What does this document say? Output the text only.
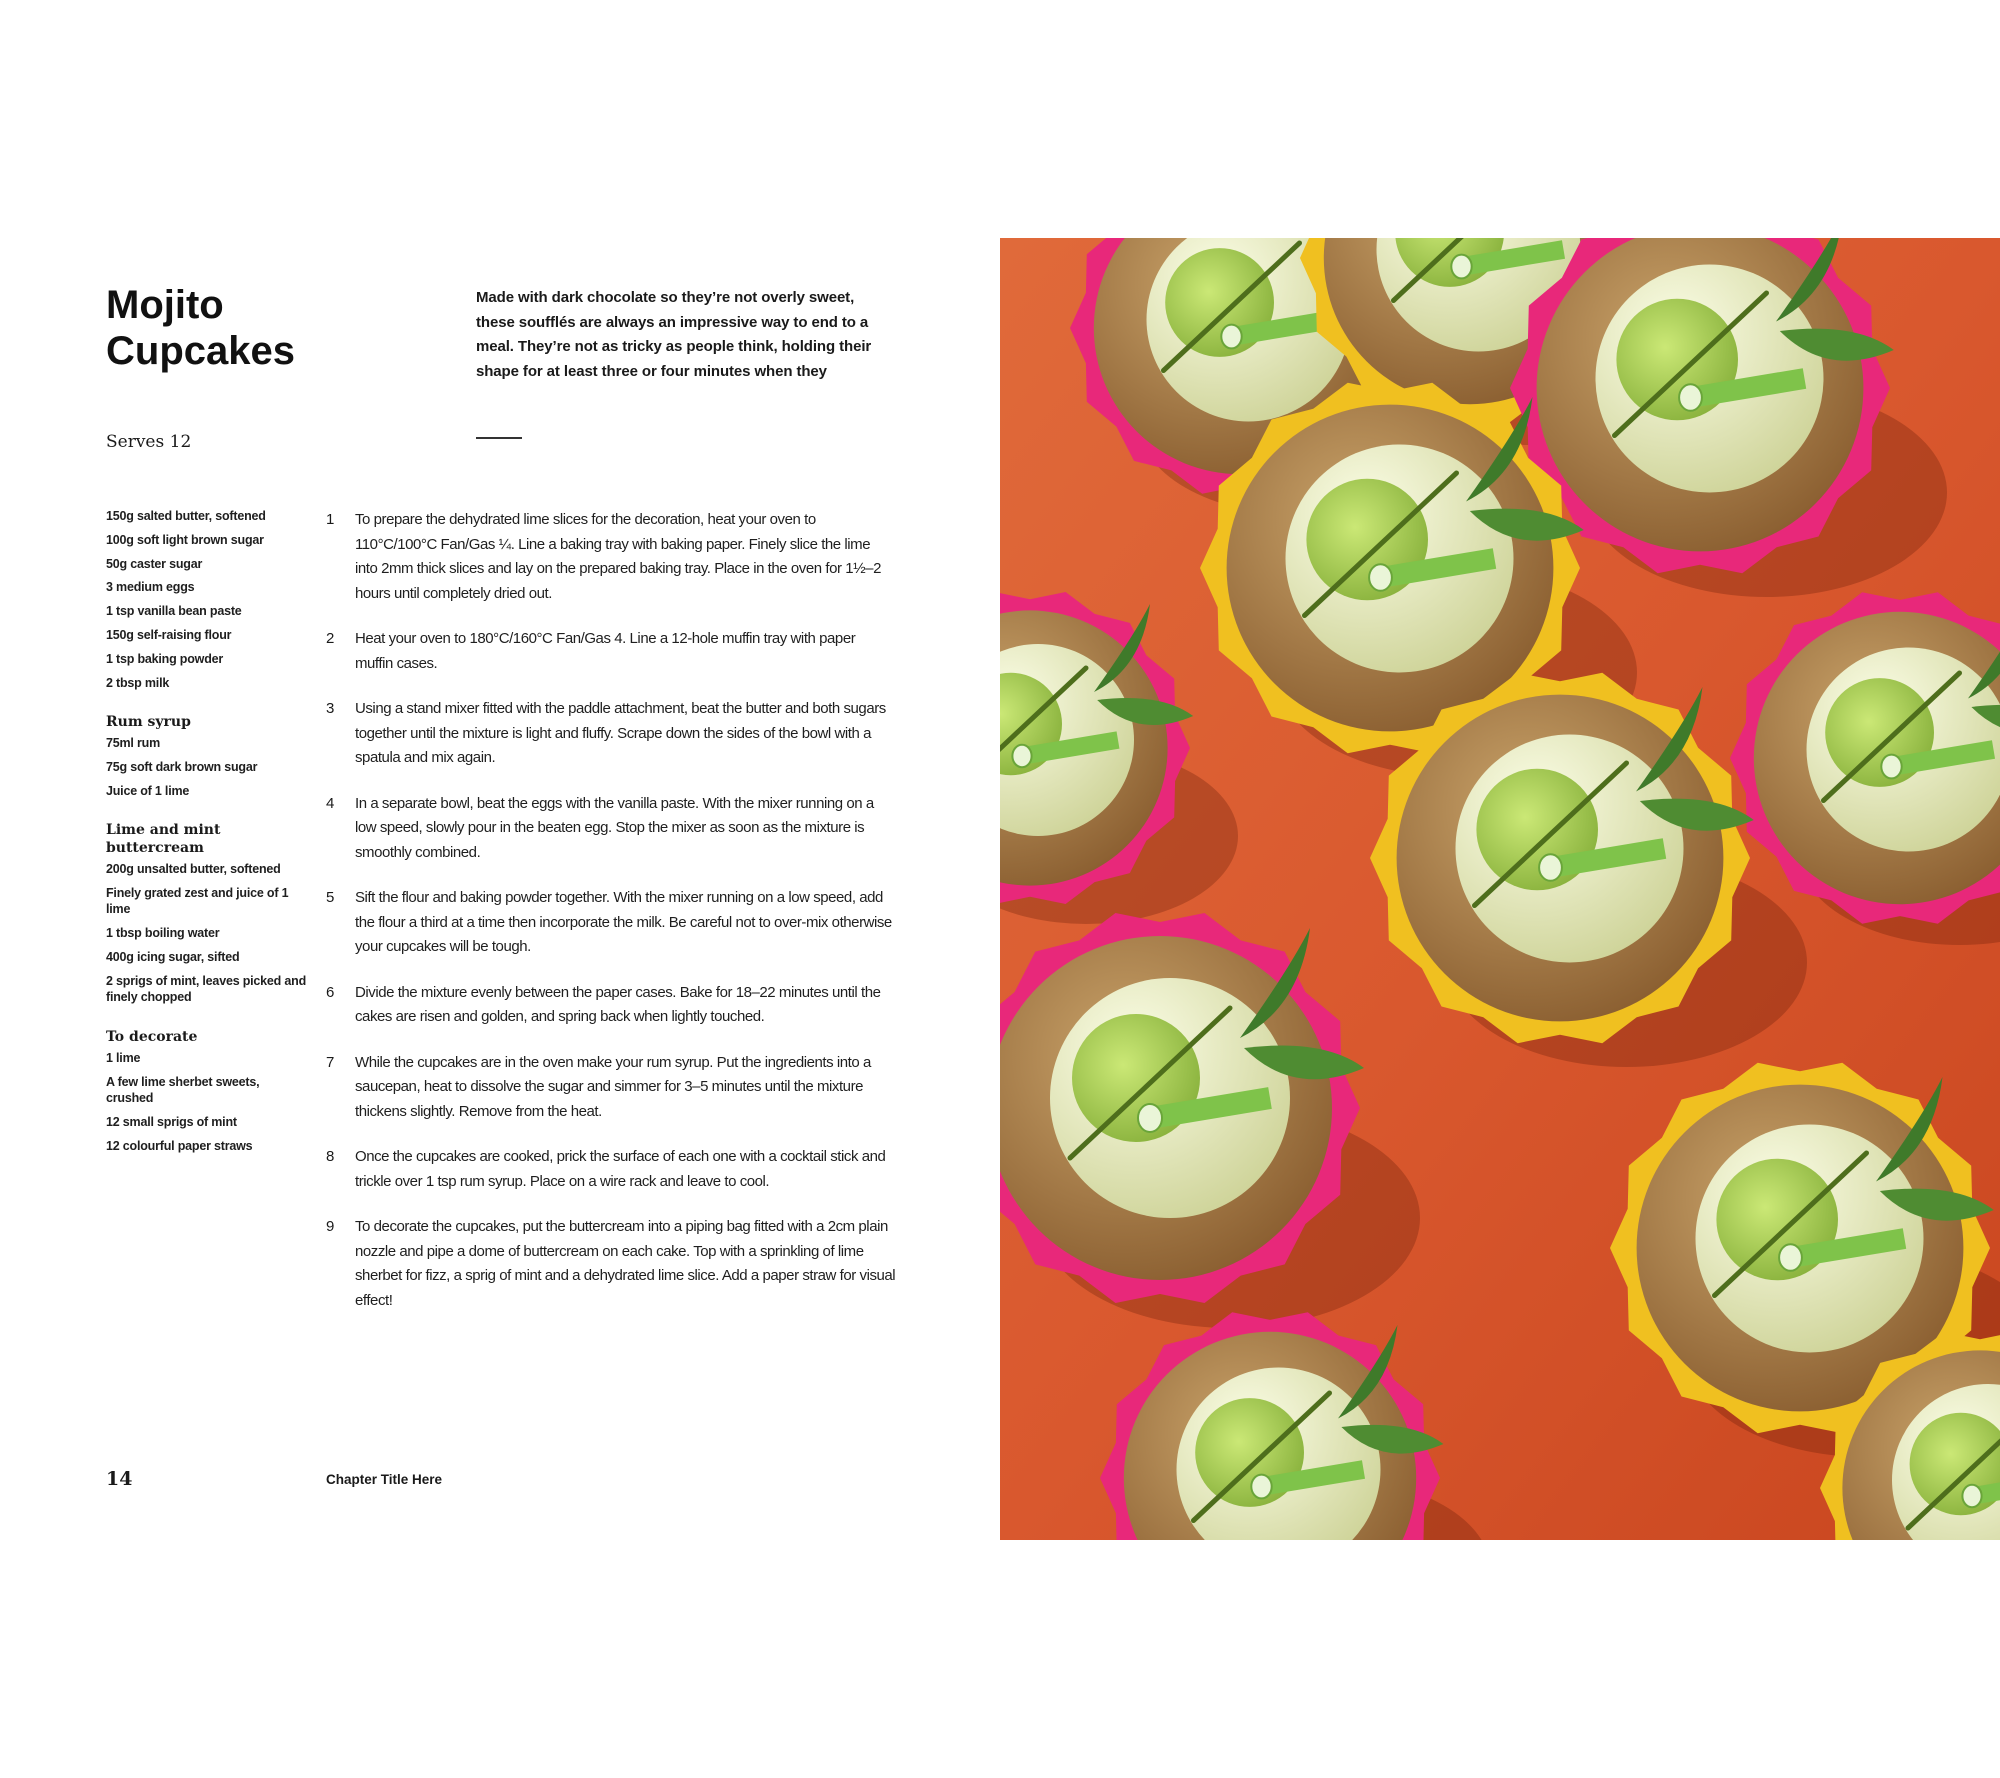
Mojito
Cupcakes
Made with dark chocolate so they’re not overly sweet, these soufflés are always an impressive way to end to a meal. They’re not as tricky as people think, holding their shape for at least three or four minutes when they
Serves 12
150g salted butter, softened
100g soft light brown sugar
50g caster sugar
3 medium eggs
1 tsp vanilla bean paste
150g self-raising flour
1 tsp baking powder
2 tbsp milk
Rum syrup
75ml rum
75g soft dark brown sugar
Juice of 1 lime
Lime and mint buttercream
200g unsalted butter, softened
Finely grated zest and juice of 1 lime
1 tbsp boiling water
400g icing sugar, sifted
2 sprigs of mint, leaves picked and finely chopped
To decorate
1 lime
A few lime sherbet sweets, crushed
12 small sprigs of mint
12 colourful paper straws
1 To prepare the dehydrated lime slices for the decoration, heat your oven to 110°C/100°C Fan/Gas ¼. Line a baking tray with baking paper. Finely slice the lime into 2mm thick slices and lay on the prepared baking tray. Place in the oven for 1½–2 hours until completely dried out.
2 Heat your oven to 180°C/160°C Fan/Gas 4. Line a 12-hole muffin tray with paper muffin cases.
3 Using a stand mixer fitted with the paddle attachment, beat the butter and both sugars together until the mixture is light and fluffy. Scrape down the sides of the bowl with a spatula and mix again.
4 In a separate bowl, beat the eggs with the vanilla paste. With the mixer running on a low speed, slowly pour in the beaten egg. Stop the mixer as soon as the mixture is smoothly combined.
5 Sift the flour and baking powder together. With the mixer running on a low speed, add the flour a third at a time then incorporate the milk. Be careful not to over-mix otherwise your cupcakes will be tough.
6 Divide the mixture evenly between the paper cases. Bake for 18–22 minutes until the cakes are risen and golden, and spring back when lightly touched.
7 While the cupcakes are in the oven make your rum syrup. Put the ingredients into a saucepan, heat to dissolve the sugar and simmer for 3–5 minutes until the mixture thickens slightly. Remove from the heat.
8 Once the cupcakes are cooked, prick the surface of each one with a cocktail stick and trickle over 1 tsp rum syrup. Place on a wire rack and leave to cool.
9 To decorate the cupcakes, put the buttercream into a piping bag fitted with a 2cm plain nozzle and pipe a dome of buttercream on each cake. Top with a sprinkling of lime sherbet for fizz, a sprig of mint and a dehydrated lime slice. Add a paper straw for visual effect!
14	Chapter Title Here
